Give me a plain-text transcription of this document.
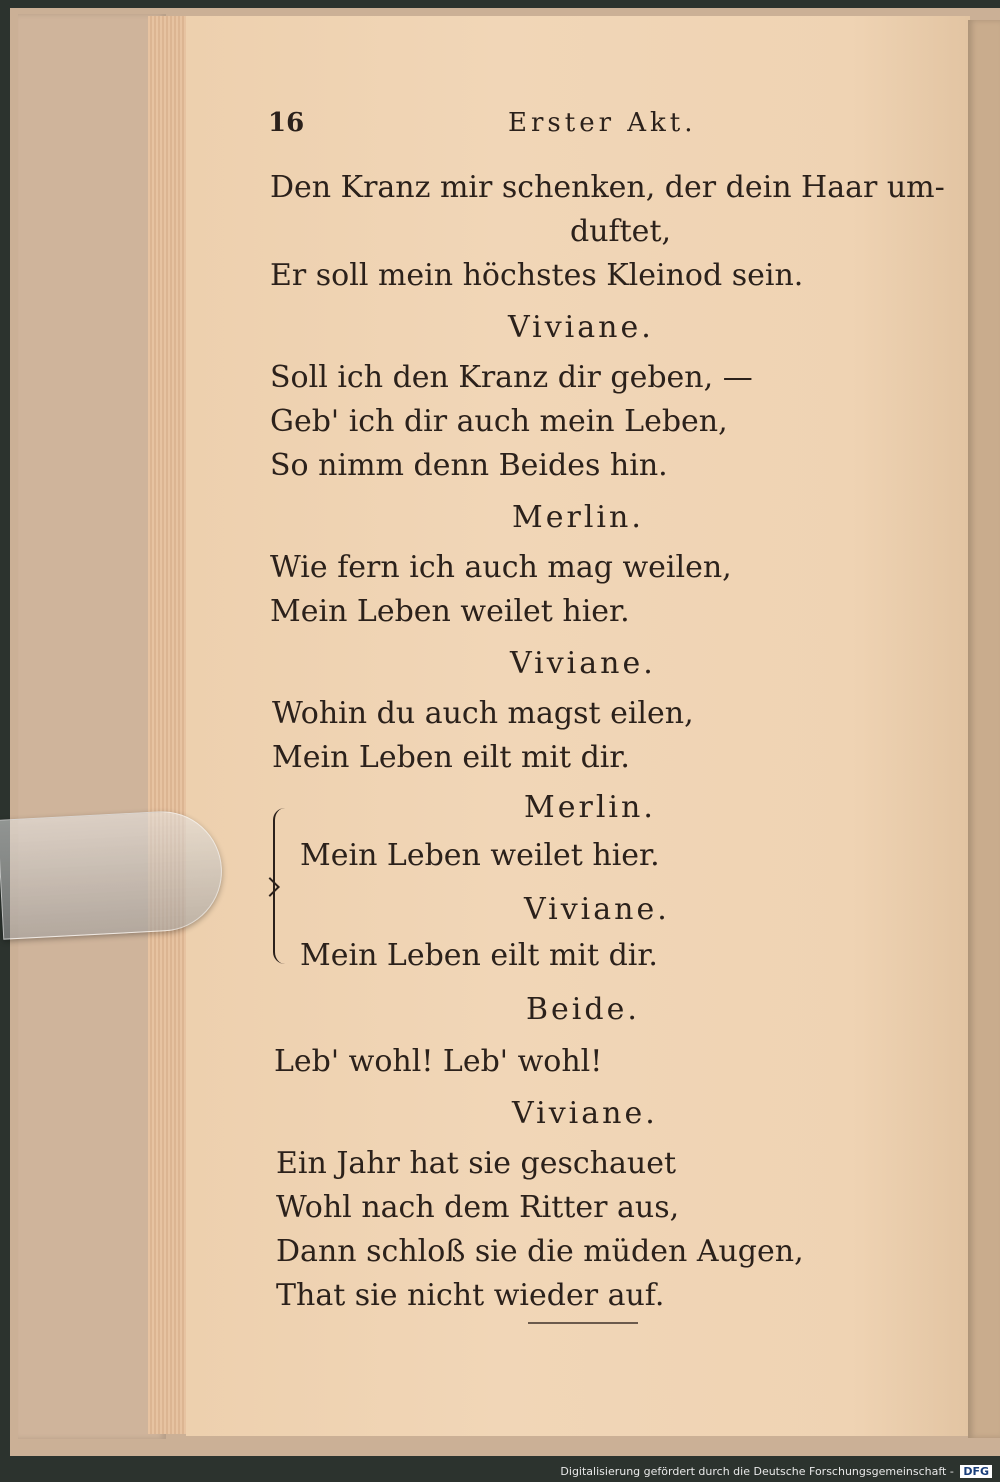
16	Erster Akt.
Den Kranz mir schenken, der dein Haar um-
duftet,
Er soll mein höchstes Kleinod sein.
Viviane.
Soll ich den Kranz dir geben, —
Geb' ich dir auch mein Leben,
So nimm denn Beides hin.
Merlin.
Wie fern ich auch mag weilen,
Mein Leben weilet hier.
Viviane.
Wohin du auch magst eilen,
Mein Leben eilt mit dir.
Merlin.
Mein Leben weilet hier.
Viviane.
Mein Leben eilt mit dir.
Beide.
Leb' wohl! Leb' wohl!
Viviane.
Ein Jahr hat sie geschauet
Wohl nach dem Ritter aus,
Dann schloß sie die müden Augen,
That sie nicht wieder auf.
Digitalisierung gefördert durch die Deutsche Forschungsgemeinschaft - DFG
